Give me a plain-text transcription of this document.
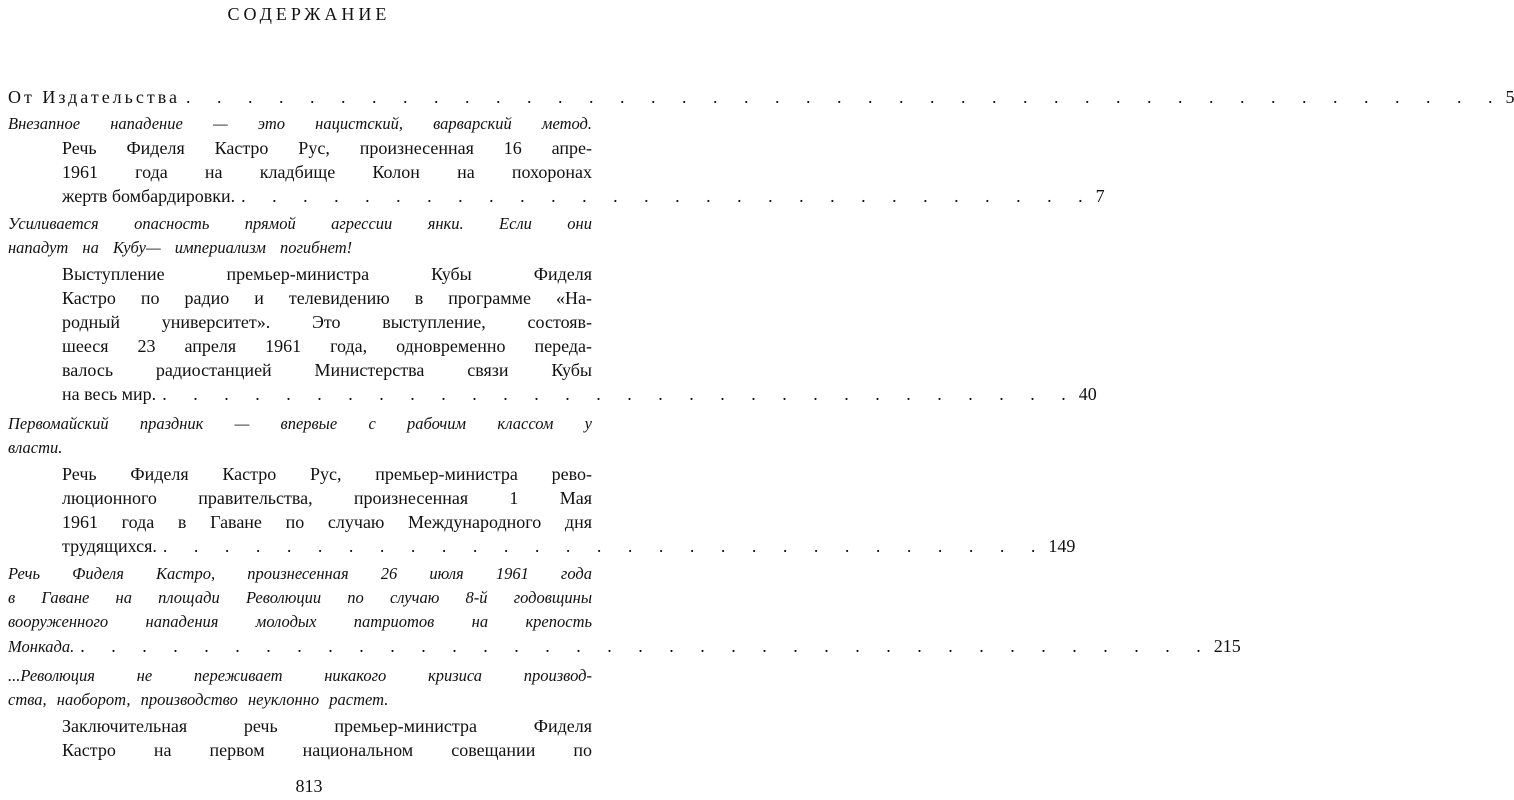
СОДЕРЖАНИЕ
От Издательства . . . . . . . . . . . . . . . . . . . . . . . . . . . . . . . . . . . . . . . . . . . 5
Внезапное нападение — это нацистский, варварский метод.
Речь Фиделя Кастро Рус, произнесенная 16 апре-
1961 года на кладбище Колон на похоронах
жертв бомбардировки. . . . . . . . . . . . . . . . . . . . . . . . . . . . . 7
Усиливается опасность прямой агрессии янки. Если они
нападут на Кубу— империализм погибнет!
Выступление премьер-министра Кубы Фиделя
Кастро по радио и телевидению в программе «На-
родный университет». Это выступление, состояв-
шееся 23 апреля 1961 года, одновременно переда-
валось радиостанцией Министерства связи Кубы
на весь мир. . . . . . . . . . . . . . . . . . . . . . . . . . . . . . . 40
Первомайский праздник — впервые с рабочим классом у
власти.
Речь Фиделя Кастро Рус, премьер-министра рево-
люционного правительства, произнесенная 1 Мая
1961 года в Гаване по случаю Международного дня
трудящихся. . . . . . . . . . . . . . . . . . . . . . . . . . . . . . 149
Речь Фиделя Кастро, произнесенная 26 июля 1961 года
в Гаване на площади Революции по случаю 8-й годовщины
вооруженного нападения молодых патриотов на крепость
Монкада. . . . . . . . . . . . . . . . . . . . . . . . . . . . . . . . . . . . . . 215
...Революция не переживает никакого кризиса производ-
ства, наоборот, производство неуклонно растет.
Заключительная речь премьер-министра Фиделя
Кастро на первом национальном совещании по
813
